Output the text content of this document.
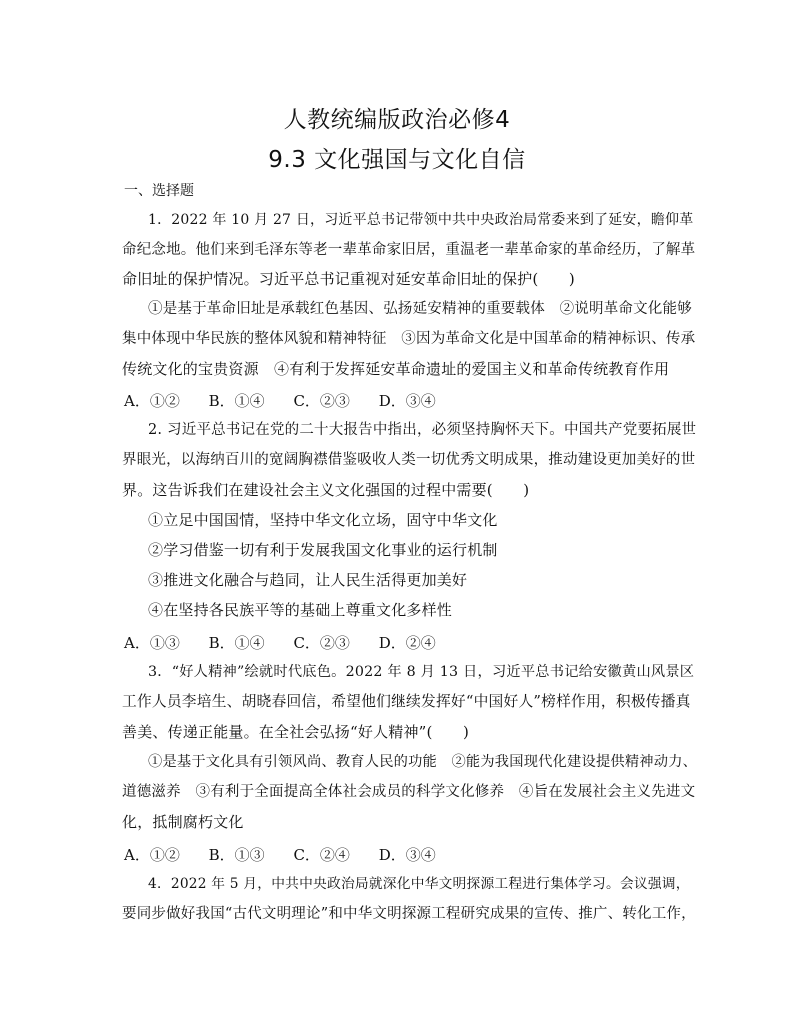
人教统编版政治必修4
9.3 文化强国与文化自信
一、选择题
1．2022 年 10 月 27 日，习近平总书记带领中共中央政治局常委来到了延安，瞻仰革
命纪念地。他们来到毛泽东等老一辈革命家旧居，重温老一辈革命家的革命经历，了解革
命旧址的保护情况。习近平总书记重视对延安革命旧址的保护(　　)
①是基于革命旧址是承载红色基因、弘扬延安精神的重要载体　②说明革命文化能够
集中体现中华民族的整体风貌和精神特征　③因为革命文化是中国革命的精神标识、传承
传统文化的宝贵资源　④有利于发挥延安革命遗址的爱国主义和革命传统教育作用
A．①② B．①④ C．②③ D．③④
2. 习近平总书记在党的二十大报告中指出，必须坚持胸怀天下。中国共产党要拓展世
界眼光，以海纳百川的宽阔胸襟借鉴吸收人类一切优秀文明成果，推动建设更加美好的世
界。这告诉我们在建设社会主义文化强国的过程中需要(　　)
①立足中国国情，坚持中华文化立场，固守中华文化
②学习借鉴一切有利于发展我国文化事业的运行机制
③推进文化融合与趋同，让人民生活得更加美好
④在坚持各民族平等的基础上尊重文化多样性
A．①③ B．①④ C．②③ D．②④
3．“好人精神”绘就时代底色。2022 年 8 月 13 日，习近平总书记给安徽黄山风景区
工作人员李培生、胡晓春回信，希望他们继续发挥好“中国好人”榜样作用，积极传播真
善美、传递正能量。在全社会弘扬“好人精神”(　　)
①是基于文化具有引领风尚、教育人民的功能　②能为我国现代化建设提供精神动力、
道德滋养　③有利于全面提高全体社会成员的科学文化修养　④旨在发展社会主义先进文
化，抵制腐朽文化
A．①② B．①③ C．②④ D．③④
4．2022 年 5 月，中共中央政治局就深化中华文明探源工程进行集体学习。会议强调，
要同步做好我国“古代文明理论”和中华文明探源工程研究成果的宣传、推广、转化工作，
